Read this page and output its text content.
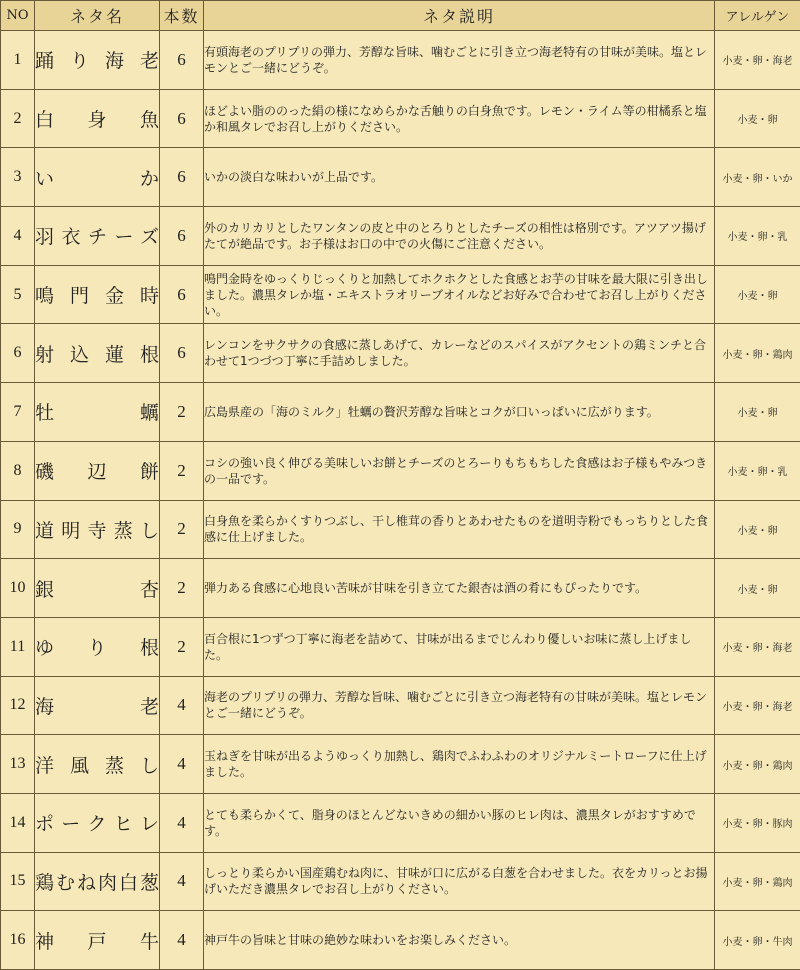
NO	ネタ名	本数	ネタ説明	アレルゲン
1	踊り海老	6	有頭海老のプリプリの弾力、芳醇な旨味、噛むごとに引き立つ海老特有の甘味が美味。塩とレモンとご一緒にどうぞ。	小麦・卵・海老
2	白身魚	6	ほどよい脂ののった絹の様になめらかな舌触りの白身魚です。レモン・ライム等の柑橘系と塩か和風タレでお召し上がりください。	小麦・卵
3	いか	6	いかの淡白な味わいが上品です。	小麦・卵・いか
4	羽衣チーズ	6	外のカリカリとしたワンタンの皮と中のとろりとしたチーズの相性は格別です。アツアツ揚げたてが絶品です。お子様はお口の中での火傷にご注意ください。	小麦・卵・乳
5	鳴門金時	6	鳴門金時をゆっくりじっくりと加熱してホクホクとした食感とお芋の甘味を最大限に引き出しました。濃黒タレか塩・エキストラオリーブオイルなどお好みで合わせてお召し上がりください。	小麦・卵
6	射込蓮根	6	レンコンをサクサクの食感に蒸しあげて、カレーなどのスパイスがアクセントの鶏ミンチと合わせて1つづつ丁寧に手詰めしました。	小麦・卵・鶏肉
7	牡蠣	2	広島県産の「海のミルク」牡蠣の贅沢芳醇な旨味とコクが口いっぱいに広がります。	小麦・卵
8	磯辺餅	2	コシの強い良く伸びる美味しいお餅とチーズのとろーりもちもちした食感はお子様もやみつきの一品です。	小麦・卵・乳
9	道明寺蒸し	2	白身魚を柔らかくすりつぶし、干し椎茸の香りとあわせたものを道明寺粉でもっちりとした食感に仕上げました。	小麦・卵
10	銀杏	2	弾力ある食感に心地良い苦味が甘味を引き立てた銀杏は酒の肴にもぴったりです。	小麦・卵
11	ゆり根	2	百合根に1つずつ丁寧に海老を詰めて、甘味が出るまでじんわり優しいお味に蒸し上げました。	小麦・卵・海老
12	海老	4	海老のプリプリの弾力、芳醇な旨味、噛むごとに引き立つ海老特有の甘味が美味。塩とレモンとご一緒にどうぞ。	小麦・卵・海老
13	洋風蒸し	4	玉ねぎを甘味が出るようゆっくり加熱し、鶏肉でふわふわのオリジナルミートローフに仕上げました。	小麦・卵・鶏肉
14	ポークヒレ	4	とても柔らかくて、脂身のほとんどないきめの細かい豚のヒレ肉は、濃黒タレがおすすめです。	小麦・卵・豚肉
15	鶏むね肉白葱	4	しっとり柔らかい国産鶏むね肉に、甘味が口に広がる白葱を合わせました。衣をカリっとお揚げいただき濃黒タレでお召し上がりください。	小麦・卵・鶏肉
16	神戸牛	4	神戸牛の旨味と甘味の絶妙な味わいをお楽しみください。	小麦・卵・牛肉
